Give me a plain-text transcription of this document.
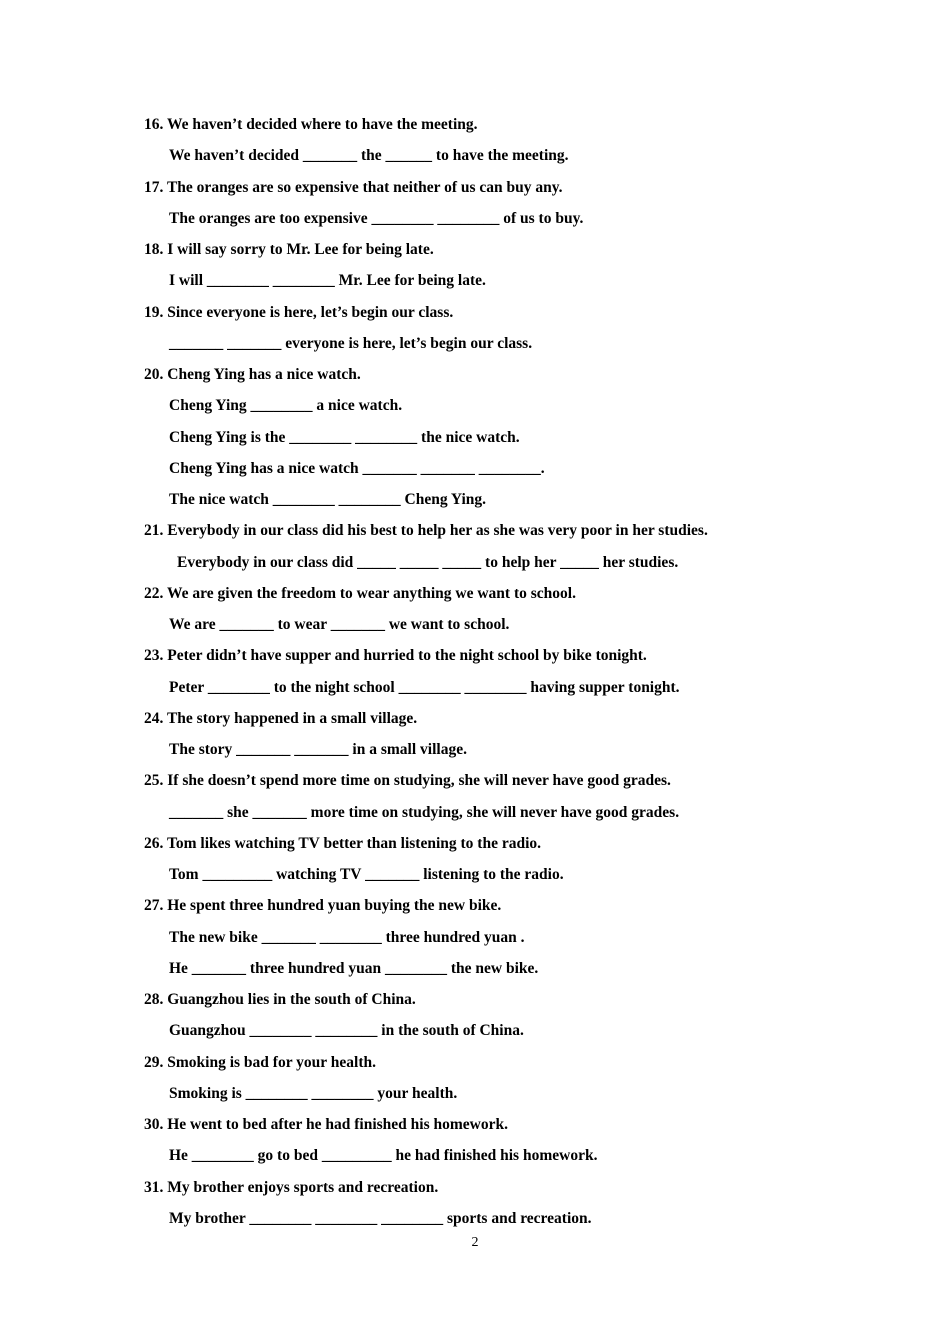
16. We haven’t decided where to have the meeting.
We haven’t decided _______ the ______ to have the meeting.
17. The oranges are so expensive that neither of us can buy any.
The oranges are too expensive ________ ________ of us to buy.
18. I will say sorry to Mr. Lee for being late.
I will ________ ________ Mr. Lee for being late.
19. Since everyone is here, let’s begin our class.
_______ _______ everyone is here, let’s begin our class.
20. Cheng Ying has a nice watch.
Cheng Ying ________ a nice watch.
Cheng Ying is the ________ ________ the nice watch.
Cheng Ying has a nice watch _______ _______ ________.
The nice watch ________ ________ Cheng Ying.
21. Everybody in our class did his best to help her as she was very poor in her studies.
Everybody in our class did _____ _____ _____ to help her _____ her studies.
22. We are given the freedom to wear anything we want to school.
We are _______ to wear _______ we want to school.
23. Peter didn’t have supper and hurried to the night school by bike tonight.
Peter ________ to the night school ________ ________ having supper tonight.
24. The story happened in a small village.
The story _______ _______ in a small village.
25. If she doesn’t spend more time on studying, she will never have good grades.
_______ she _______ more time on studying, she will never have good grades.
26. Tom likes watching TV better than listening to the radio.
Tom _________ watching TV _______ listening to the radio.
27. He spent three hundred yuan buying the new bike.
The new bike _______ ________ three hundred yuan .
He _______ three hundred yuan ________ the new bike.
28. Guangzhou lies in the south of China.
Guangzhou ________ ________ in the south of China.
29. Smoking is bad for your health.
Smoking is ________ ________ your health.
30. He went to bed after he had finished his homework.
He ________ go to bed _________ he had finished his homework.
31. My brother enjoys sports and recreation.
My brother ________ ________ ________ sports and recreation.
2
